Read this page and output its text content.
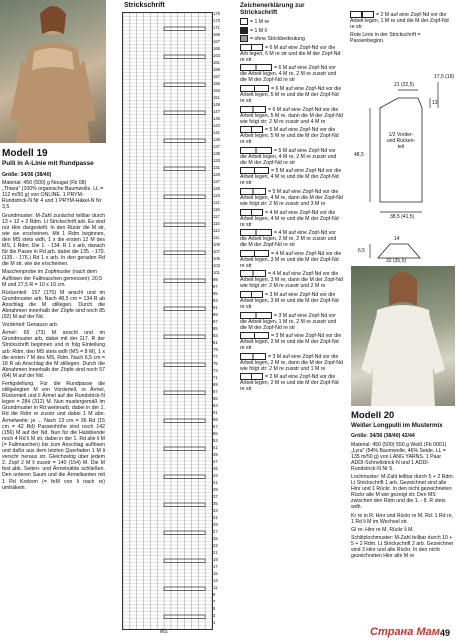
Modell 19
Pulli in A-Linie mit Rundpasse
Größe: 34/36 (38/40)
Material: 450 (500) g Nougat (Fb 08) „Thiara" (100% organische Baumwolle, LL = 112 m/50 g) von ONLINE. 1 PRYM-Rundstrick-N Nr 4 und 1 PRYM-Häkel-N Nr 3,5.
Grundmuster: M-Zahl zunächst teilbar durch 13 + 12 + 2 Rdm. Lt Strickschrift arb. Es sind nur Hinr dargestellt. In den Rückr die M str, wie sie erscheinen. Mit 1 Rdm beginnen, den MS stets wdh, 1 x die ersten 12 M des MS, 1 Rdm. Die 1. - 134. R 1 x arb, danach für die Passe in Rd arb, dabei die 135. - 170. (135. - 176.) Rd 1 x arb. In den geraden Rd die M str, wie sie erscheinen.
Maschenprobe im Zopfmuster (nach dem Auflösen der Fallmaschen gemessen): 20,5 M und 27,5 R = 10 x 10 cm.
Rückenteil: 157 (170) M anschl und im Grundmuster arb. Nach 48,5 cm = 134 R ab Anschlag die M stillegen. Durch die Abnahmen innerhalb der Zöpfe sind noch 85 (92) M auf der Nd.
Vorderteil: Genauso arb.
Ärmel: 65 (73) M anschl und im Grundmuster arb, dabei mit der 117. R der Strickschrift beginnen und in folg Einteilung arb: Rdm, den MS stets wdh (MS = 8 M), 1 x die ersten 7 M des MS, Rdm. Nach 6,5 cm = 18 R ab Anschlag die M stillegen. Durch die Abnahmen innerhalb der Zöpfe sind noch 57 (64) M auf der Nd.
Fertigstellung: Für die Rundpasse die stillgelegten M von Vorderteil, re Ärmel, Rückenteil und li Ärmel auf die Rundstrick-N legen = 284 (312) M. Nun mustergemäß im Grundmuster in Rd weiterarb, dabei in der 1. Rd die Rdm re zusstr und dabei 1 M abn. Ärmelweite: je ... Nach 13 cm = 36 Rd (15 cm = 42 Rd) Passenhöhe sind noch 142 (156) M auf der Nd. Nun für die Halsblende noch 4 Rd li M str, dabei in der 1. Rd alle li M (= Fallmaschen) bis zum Anschlag auflösen und dafür aus dem letzten Querfaden 1 M li verschr heraus str. Gleichzeitig über jedem 2. Zopf 2 M li zusstr = 140 (154) M. Die M fest abk. Seiten- und Ärmelnähte schließen. Den unteren Saum und die Ärmelkanten mit 1 Rd Krebsm (= feM von li nach re) umhäkeln.
Strickschrift
175
173
171
169
167
165
163
161
159
157
155
153
151
149
147
145
143
141
139
137
135
133
131
129
127
125
123
121
119
117
115
113
111
109
107
105
103
101
99
97
95
93
91
89
87
85
83
81
79
77
75
73
71
69
67
65
63
61
59
57
55
53
51
49
47
45
43
41
39
37
35
33
31
29
27
25
23
21
19
17
15
13
11
9
7
5
3
1
MS
Zeichenerklärung zur Strickschrift
= 1 M re
= 1 M li
= ohne Strickbedeutung
= 6 M auf eine Zopf-Nd vor die Arb legen, 6 M re str und die M der Zopf-Nd re str
= 6 M auf eine Zopf-Nd vor die Arbeit legen, 4 M re, 2 M re zusstr und die M der Zopf-Nd re str
= 6 M auf eine Zopf-Nd vor die Arbeit legen, 5 M re und die M der Zopf-Nd re str
= 6 M auf eine Zopf-Nd vor die Arbeit legen, 5 M re, dann die M der Zopf-Nd wie folgt str: 2 M re zusstr und 4 M re
= 5 M auf eine Zopf-Nd vor die Arbeit legen, 5 M re und die M der Zopf-Nd re str
= 5 M auf eine Zopf-Nd vor die Arbeit legen, 4 M re, 2 M re zusstr und die M der Zopf-Nd re str
= 5 M auf eine Zopf-Nd vor die Arbeit legen, 4 M re und die M der Zopf-Nd re str
= 5 M auf eine Zopf-Nd vor die Arbeit legen, 4 M re, dann die M der Zopf-Nd wie folgt str: 2 M re zusstr und 3 M re
= 4 M auf eine Zopf-Nd vor die Arbeit legen, 4 M re und die M der Zopf-Nd re str
= 4 M auf eine Zopf-Nd vor die Arbeit legen, 2 M re, 2 M re zusstr und die M der Zopf-Nd re str
= 4 M auf eine Zopf-Nd vor die Arbeit legen, 3 M re und die M der Zopf-Nd re str
= 4 M auf eine Zopf-Nd vor die Arbeit legen, 3 M re, dann die M der Zopf-Nd wie folgt str: 2 M re zusstr und 2 M re
= 3 M auf eine Zopf-Nd vor die Arbeit legen, 3 M re und die M der Zopf-Nd re str
= 3 M auf eine Zopf-Nd vor die Arbeit legen, 1 M re, 2 M re zusstr und die M der Zopf-Nd re str
= 3 M auf eine Zopf-Nd vor die Arbeit legen, 2 M re und die M der Zopf-Nd re str
= 3 M auf eine Zopf-Nd vor die Arbeit legen, 2 M re, dann die M der Zopf-Nd wie folgt str: 2 M re zusstr und 1 M re
= 2 M auf eine Zopf-Nd vor die Arbeit legen, 2 M re und die M der Zopf-Nd re str
= 2 M auf eine Zopf-Nd vor die Arbeit legen, 1 M re und die M der Zopf-Nd re str
Rote Linie in der Strickschrift = Passenbeginn.
21 (22,5)
17,5 (19)
13
48,5
1/2 Vorder- und Rücken- teil
38,5 (41,5)
14
6,5
32 (35,5)
Modell 20
Weißer Longpulli im Mustermix
Größe: 34/36 (38/40) 42/44
Material: 450 (500) 550 g Weiß (Fb 0001) „Lyra" (54% Baumwolle, 46% Seide, LL = 135 m/50 g) von LANG YARNS. 1 Paar ADDI-Schnellstrick-N und 1 ADDI-Rundstrick-N Nr 5.
Lochmuster: M-Zahl teilbar durch 5 + 2 Rdm. Lt Strickschrift 1 arb. Gezeichnet sind alle Hinr und 1 Rückr. In den nicht gezeichneten Rückr alle M wie gezeigt str. Den MS zwischen den Rdm und die 1. - 8. R stets wdh.
Kr re in R: Hinr und Rückr re M, Rd: 1 Rd re, 1 Rd li M im Wechsel str.
Gl re: Hinr re M, Rückr li M.
Schlitzlochmuster: M-Zahl teilbar durch 10 + 5 + 2 Rdm. Lt Strickschrift 2 arb. Gezeichnet sind 3 Hinr und alle Rückr. In den nicht gezeichneten Hinr alle M re
Страна Мам 49
